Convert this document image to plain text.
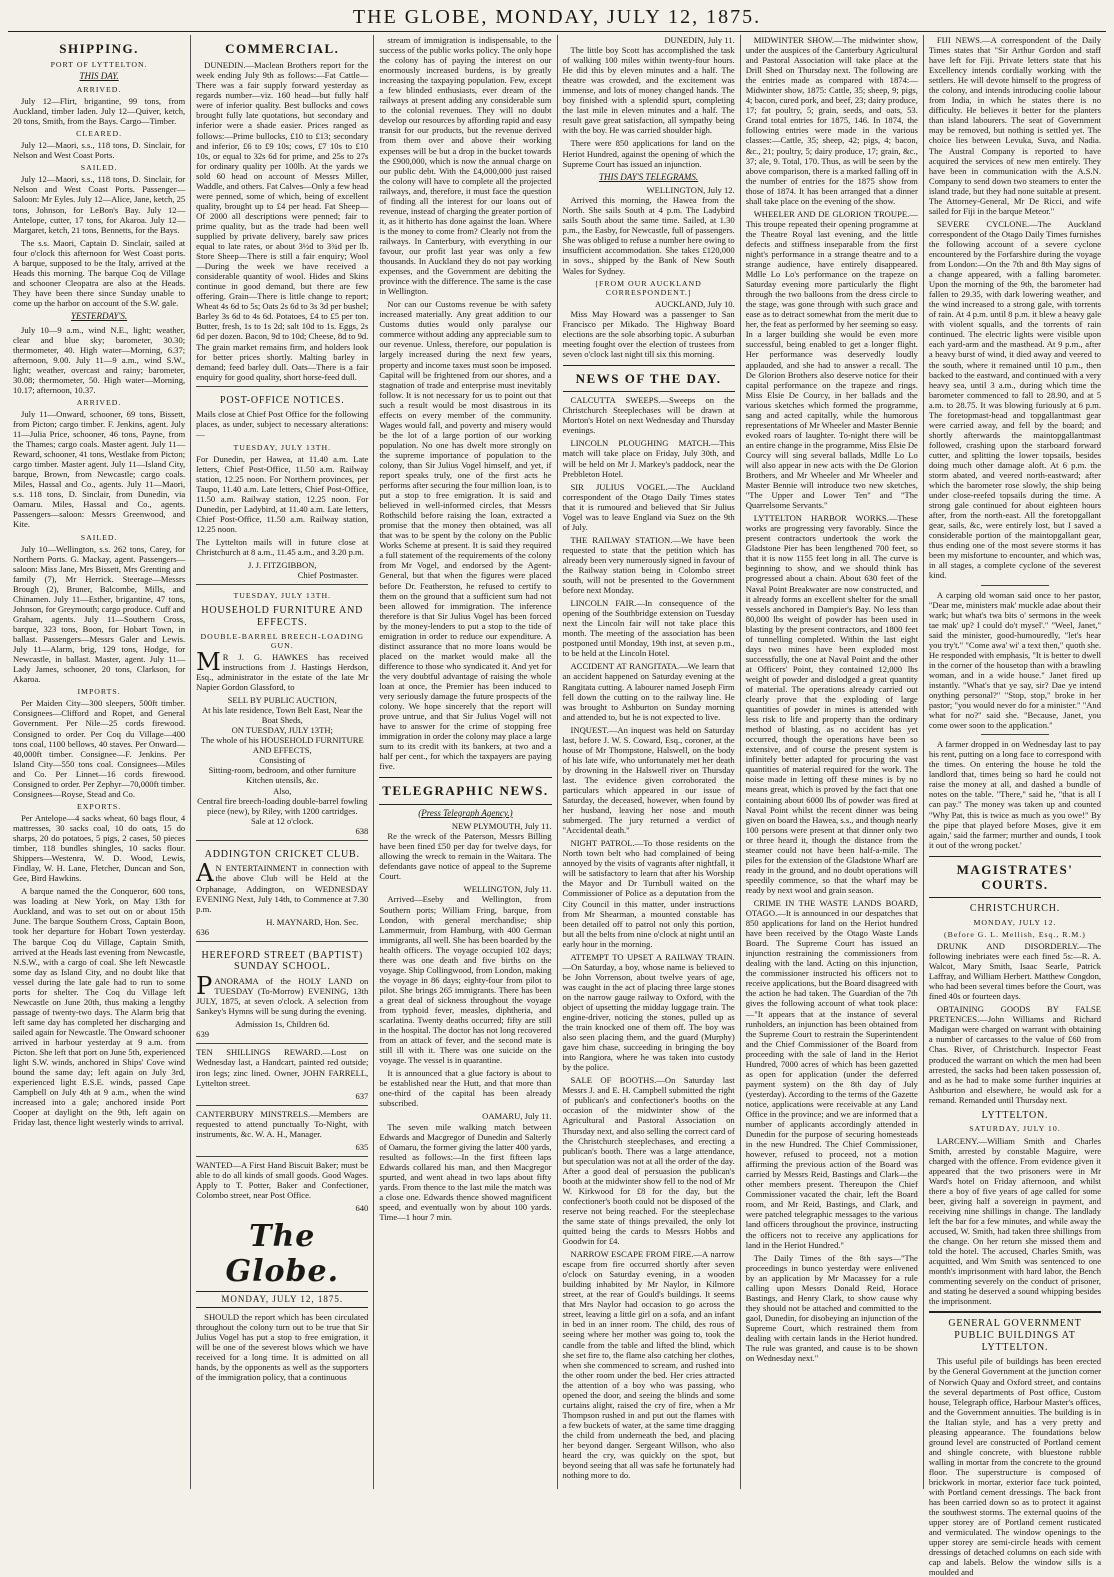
THE GLOBE, MONDAY, JULY 12, 1875.
SHIPPING.
PORT OF LYTTELTON.
THIS DAY.
ARRIVED.

July 12—Flirt, brigantine, 99 tons, from Auckland, timber laden. July 12—Quiver, ketch, 20 tons, Smith, from the Bays. Cargo—Timber.

CLEARED.

July 12—Maori, s.s., 118 tons, D. Sinclair, for Nelson and West Coast Ports.

SAILED.

July 12—Maori, s.s., 118 tons, D. Sinclair, for Nelson and West Coast Ports. Passenger—Saloon: Mr Eyles. July 12—Alice, Jane, ketch, 25 tons, Johnson, for LeBon's Bay. July 12—Antelope, cutter, 17 tons, for Akaroa. July 12—Margaret, ketch, 21 tons, Bennetts, for the Bays.

The s.s. Maori, Captain D. Sinclair, sailed at four o'clock this afternoon for West Coast ports. A barque, supposed to be the Italy, arrived at the Heads this morning. The barque Coq de Village and schooner Cleopatra are also at the Heads. They have been there since Sunday unable to come up the harbor on account of the S.W. gale.

YESTERDAY'S.

July 10—9 a.m., wind N.E., light; weather, clear and blue sky; barometer, 30.30; thermometer, 40. High water—Morning, 6.37; afternoon, 9.00. July 11—9 a.m., wind S.W., light; weather, overcast and rainy; barometer, 30.08; thermometer, 50. High water—Morning, 10.17; afternoon, 10.37.

ARRIVED.

July 11—Onward, schooner, 69 tons, Bissett, from Picton; cargo timber. F. Jenkins, agent. July 11—Julia Price, schooner, 46 tons, Payne, from the Thames; cargo coals. Master agent. July 11—Reward, schooner, 41 tons, Westlake from Picton; cargo timber. Master agent. July 11—Island City, barque, Brown, from Newcastle; cargo coals. Miles, Hassal and Co., agents. July 11—Maori, s.s. 118 tons, D. Sinclair, from Dunedin, via Oamaru. Miles, Hassal and Co., agents. Passengers—saloon: Messrs Greenwood, and Kite.

SAILED.

July 10—Wellington, s.s. 262 tons, Carey, for Northern Ports. G. Mackay, agent. Passengers—saloon: Miss Jane, Mrs Bissett, Mrs Grenting and family (7), Mr Herrick. Steerage—Messrs Brough (2), Bruner, Balcombe, Mills, and Chinamen. July 11—Esther, brigantine, 47 tons, Johnson, for Greymouth; cargo produce. Cuff and Graham, agents. July 11—Southern Cross, barque, 323 tons, Boon, for Hobart Town, in ballast. Passengers—Messrs Galer and Lewis. July 11—Alarm, brig, 129 tons, Hodge, for Newcastle, in ballast. Master, agent. July 11—Lady James, schooner, 20 tons, Clarkson, for Akaroa.

IMPORTS.

Per Maiden City—300 sleepers, 500ft timber. Consignees—Clifford and Ropet, and General Government. Per Nile—25 cords firewood. Consigned to order. Per Coq du Village—400 tons coal, 1100 bellows, 40 staves. Per Onward—40,000ft timber. Consignee—F. Jenkins. Per Island City—550 tons coal. Consignees—Miles and Co. Per Linnet—16 cords firewood. Consigned to order. Per Zephyr—70,000ft timber. Consignees—Royse, Stead and Co.

EXPORTS.

Per Antelope—4 sacks wheat, 60 bags flour, 4 mattresses, 30 sacks coal, 10 do oats, 15 do sharps, 20 do potatoes, 5 pigs, 2 cases, 50 pieces timber, 118 bundles shingles, 10 sacks flour. Shippers—Westenra, W. D. Wood, Lewis, Findlay, W. H. Lane, Fletcher, Duncan and Son, Gee, Bird Hawkins.

A barque named the the Conqueror, 600 tons, was loading at New York, on May 13th for Auckland, and was to set out on or about 15th June. The barque Southern Cross, Captain Boon, took her departure for Hobart Town yesterday. The barque Coq du Village, Captain Smith, arrived at the Heads last evening from Newcastle, N.S.W., with a cargo of coal. She left Newcastle some day as Island City, and no doubt like that vessel during the late gale had to run to some ports for shelter. The Coq du Village left Newcastle on June 20th, thus making a lengthy passage of twenty-two days. The Alarm brig that left same day has completed her discharging and sailed again for Newcastle. The Onward schooner arrived in harbour yesterday at 9 a.m. from Picton. She left that port on June 5th, experienced light S.W. winds, anchored in Ships' Cove wind bound the same day; left again on July 3rd, experienced light E.S.E. winds, passed Cape Campbell on July 4th at 9 a.m., when the wind increased into a gale; anchored inside Port Cooper at daylight on the 9th, left again on Friday last, thence light westerly winds to arrival.

COMMERCIAL.

DUNEDIN.—Maclean Brothers report for the week ending July 9th as follows:—Fat Cattle—There was a fair supply forward yesterday as regards number—viz. 160 head—but fully half were of inferior quality. Best bullocks and cows brought fully late quotations, but secondary and inferior were a shade easier. Prices ranged as follows:—Prime bullocks, £10 to £13; secondary and inferior, £6 to £9 10s; cows, £7 10s to £10 10s, or equal to 32s 6d for prime, and 25s to 27s for ordinary quality per 100lb. At the yards we sold 60 head on account of Messrs Miller, Waddle, and others. Fat Calves—Only a few head were penned, some of which, being of excellent quality, brought up to £4 per head. Fat Sheep—Of 2000 all descriptions were penned; fair to prime quality, but as the trade had been well supplied by private delivery, barely saw prices equal to late rates, or about 3½d to 3¾d per lb. Store Sheep—There is still a fair enquiry; Wool—During the week we have received a considerable quantity of wool. Hides and Skins continue in good demand, but there are few offering. Grain—There is little change to report; Wheat 4s 6d to 5s; Oats 2s 6d to 3s 3d per bushel; Barley 3s 6d to 4s 6d. Potatoes, £4 to £5 per ton. Butter, fresh, 1s to 1s 2d; salt 10d to 1s. Eggs, 2s 6d per dozen. Bacon, 9d to 10d; Cheese, 8d to 9d. The grain market remains firm, and holders look for better prices shortly. Malting barley in demand; feed barley dull. Oats—There is a fair enquiry for good quality, short horse-feed dull.

POST-OFFICE NOTICES.

Mails close at Chief Post Office for the following places, as under, subject to necessary alterations:—

TUESDAY, JULY 13TH.

For Dunedin, per Hawea, at 11.40 a.m. Late letters, Chief Post-Office, 11.50 a.m. Railway station, 12.25 noon. For Northern provinces, per Taupo, 11.40 a.m. Late letters, Chief Post-Office, 11.50 a.m. Railway station, 12.25 noon. For Dunedin, per Ladybird, at 11.40 a.m. Late letters, Chief Post-Office, 11.50 a.m. Railway station, 12.25 noon.

The Lyttelton mails will in future close at Christchurch at 8 a.m., 11.45 a.m., and 3.20 p.m.

J. J. FITZGIBBON,
Chief Postmaster.
TUESDAY, JULY 13TH.
HOUSEHOLD FURNITURE AND EFFECTS.
DOUBLE-BARREL BREECH-LOADING GUN.

M R J. G. HAWKES has received instructions from J. Hastings Herdson, Esq., administrator in the estate of the late Mr Napier Gordon Glassford, to

SELL BY PUBLIC AUCTION,
At his late residence, Town Belt East, Near the Boat Sheds,
ON TUESDAY, JULY 13TH;
The whole of his HOUSEHOLD FURNITURE AND EFFECTS,
Consisting of
Sitting-room, bedroom, and other furniture Kitchen utensils, &c.
Also,
Central fire breech-loading double-barrel fowling piece (new), by Riley, with 1200 cartridges.
Sale at 12 o'clock.
638
ADDINGTON CRICKET CLUB.

A N ENTERTAINMENT in connection with the above Club will be Held at the Orphanage, Addington, on WEDNESDAY EVENING Next, July 14th, to Commence at 7.30 p.m.

H. MAYNARD, Hon. Sec.
636
HEREFORD STREET (BAPTIST) SUNDAY SCHOOL.

PANORAMA of the HOLY LAND on TUESDAY (To-Morrow) EVENING, 13th JULY, 1875, at seven o'clock. A selection from Sankey's Hymns will be sung during the evening.

Admission 1s, Children 6d.
639

TEN SHILLINGS REWARD.—Lost on Wednesday last, a Handcart, painted red outside; iron legs; zinc lined. Owner, JOHN FARRELL, Lyttelton street.

637

CANTERBURY MINSTRELS.—Members are requested to attend punctually To-Night, with instruments, &c. W. A. H., Manager.

635

WANTED—A First Hand Biscuit Baker; must be able to do all kinds of small goods. Good Wages. Apply to T. Potter, Baker and Confectioner, Colombo street, near Post Office.

640
The Globe.
MONDAY, JULY 12, 1875.

SHOULD the report which has been circulated throughout the colony turn out to be true that Sir Julius Vogel has put a stop to free emigration, it will be one of the severest blows which we have received for a long time. It is admitted on all hands, by the opponents as well as the supporters of the immigration policy, that a continuous

stream of immigration is indispensable, to the success of the public works policy. The only hope the colony has of paying the interest on our enormously increased burdens, is by greatly increasing the taxpaying population. Few, except a few blinded enthusiasts, ever dream of the railways at present adding any considerable sum to the colonial revenues. They will no doubt develop our resources by affording rapid and easy transit for our products, but the revenue derived from them over and above their working expenses will be but a drop in the bucket towards the £900,000, which is now the annual charge on our public debt. With the £4,000,000 just raised the colony will have to complete all the projected railways, and, therefore, it must face the question of finding all the interest for our loans out of revenue, instead of charging the greater portion of it, as it hitherto has done against the loan. Where is the money to come from? Clearly not from the railways. In Canterbury, with everything in our favour, our profit last year was only a few thousands. In Auckland they do not pay working expenses, and the Government are debiting the province with the difference. The same is the case in Wellington.

Nor can our Customs revenue be with safety increased materially. Any great addition to our Customs duties would only paralyse our commerce without adding any appreciable sum to our revenue. Unless, therefore, our population is largely increased during the next few years, property and income taxes must soon be imposed. Capital will be frightened from our shores, and a stagnation of trade and enterprise must inevitably follow. It is not necessary for us to point out that such a result would be most disastrous in its effects on every member of the community. Wages would fall, and poverty and misery would be the lot of a large portion of our working population. No one has dwelt more strongly on the supreme importance of population to the colony, than Sir Julius Vogel himself, and yet, if report speaks truly, one of the first acts he performs after securing the four million loan, is to put a stop to free emigration. It is said and believed in well-informed circles, that Messrs Rothschild before raising the loan, extracted a promise that the money then obtained, was all that was to be spent by the colony on the Public Works Scheme at present. It is said they required a full statement of the requirements of the colony from Mr Vogel, and endorsed by the Agent-General, but that when the figures were placed before Dr. Featherston, he refused to certify to them on the ground that a sufficient sum had not been allowed for immigration. The inference therefore is that Sir Julius Vogel has been forced by the money-lenders to put a stop to the tide of emigration in order to reduce our expenditure. A distinct assurance that no more loans would be placed on the market would make all the difference to those who syndicated it. And yet for the very doubtful advantage of raising the whole loan at once, the Premier has been induced to very seriously damage the future prospects of the colony. We hope sincerely that the report will prove untrue, and that Sir Julius Vogel will not have to answer for the crime of stopping free immigration in order the colony may place a large sum to its credit with its bankers, at two and a half per cent., for which the taxpayers are paying five.

TELEGRAPHIC NEWS.
(Press Telegraph Agency.)
NEW PLYMOUTH, July 11.

Re the wreck of the Paterson, Messrs Billing have been fined £50 per day for twelve days, for allowing the wreck to remain in the Waitara. The defendants gave notice of appeal to the Supreme Court.

WELLINGTON, July 11.

Arrived—Eseby and Wellington, from Southern ports; William Fring, barque, from London, with general merchandise; ship Lammermuir, from Hamburg, with 400 German immigrants, all well. She has been boarded by the health officers. The voyage occupied 102 days; there was one death and five births on the voyage. Ship Collingwood, from London, making the voyage in 86 days; eighty-four from pilot to pilot. She brings 265 immigrants. There has been a great deal of sickness throughout the voyage from typhoid fever, measles, diphtheria, and scarlatina. Twenty deaths occurred; fifty are still in the hospital. The doctor has not long recovered from an attack of fever, and the second mate is still ill with it. There was one suicide on the voyage. The vessel is in quarantine.

It is announced that a glue factory is about to be established near the Hutt, and that more than one-third of the capital has been already subscribed.

OAMARU, July 11.

The seven mile walking match between Edwards and Macgregor of Dunedin and Salterly of Oamaru, the former giving the latter 400 yards, resulted as follows:—In the first fifteen laps Edwards collared his man, and then Macgregor spurted, and went ahead in two laps about fifty yards. From thence to the last mile the match was a close one. Edwards thence showed magnificent speed, and eventually won by about 100 yards. Time—1 hour 7 min.

DUNEDIN, July 11.

The little boy Scott has accomplished the task of walking 100 miles within twenty-four hours. He did this by eleven minutes and a half. The theatre was crowded, and the excitement was immense, and lots of money changed hands. The boy finished with a splendid spurt, completing the last mile in eleven minutes and a half. The result gave great satisfaction, all sympathy being with the boy. He was carried shoulder high.

There were 850 applications for land on the Heriot Hundred, against the opening of which the Supreme Court has issued an injunction.

THIS DAY'S TELEGRAMS.
WELLINGTON, July 12.

Arrived this morning, the Hawea from the North. She sails South at 4 p.m. The Ladybird sails South about the same time. Sailed, at 1.30 p.m., the Easby, for Newcastle, full of passengers. She was obliged to refuse a number here owing to insufficient accommodation. She takes £120,000 in sovs., shipped by the Bank of New South Wales for Sydney.

[FROM OUR AUCKLAND CORRESPONDENT.]
AUCKLAND, July 10.

Miss May Howard was a passenger to San Francisco per Mikado. The Highway Board elections are the sole absorbing topic. A suburban meeting fought over the election of trustees from seven o'clock last night till six this morning.

NEWS OF THE DAY.

CALCUTTA SWEEPS.—Sweeps on the Christchurch Steeplechases will be drawn at Morton's Hotel on next Wednesday and Thursday evenings.

LINCOLN PLOUGHING MATCH.—This match will take place on Friday, July 30th, and will be held on Mr J. Markey's paddock, near the Prebbleton Hotel.

SIR JULIUS VOGEL.—The Auckland correspondent of the Otago Daily Times states that it is rumoured and believed that Sir Julius Vogel was to leave England via Suez on the 9th of July.

THE RAILWAY STATION.—We have been requested to state that the petition which has already been very numerously signed in favour of the Railway station being in Colombo street south, will not be presented to the Government before next Monday.

LINCOLN FAIR.—In consequence of the opening of the Southbridge extension on Tuesday next the Lincoln fair will not take place this month. The meeting of the association has been postponed until Monday, 19th inst, at seven p.m., to be held at the Lincoln Hotel.

ACCIDENT AT RANGITATA.—We learn that an accident happened on Saturday evening at the Rangitata cutting. A labourer named Joseph Firm fell down the cutting on to the railway line. He was brought to Ashburton on Sunday morning and attended to, but he is not expected to live.

INQUEST.—An inquest was held on Saturday last, before J. W. S. Coward, Esq., coroner, at the house of Mr Thompstone, Halswell, on the body of his late wife, who unfortunately met her death by drowning in the Halswell river on Thursday last. The evidence given corroborated the particulars which appeared in our issue of Saturday, the deceased, however, when found by her husband, leaving her nose and mouth submerged. The jury returned a verdict of "Accidental death."

NIGHT PATROL.—To those residents on the North town belt who had complained of being annoyed by the visits of vagrants after nightfall, it will be satisfactory to learn that after his Worship the Mayor and Dr Turnbull waited on the Commissioner of Police as a deputation from the City Council in this matter, under instructions from Mr Shearman, a mounted constable has been detailed off to patrol not only this portion, but all the belts from nine o'clock at night until an early hour in the morning.

ATTEMPT TO UPSET A RAILWAY TRAIN.—On Saturday, a boy, whose name is believed to be John Vorrenson, about twelve years of age, was caught in the act of placing three large stones on the narrow gauge railway to Oxford, with the object of upsetting the midday luggage train. The engine-driver, noticing the stones, pulled up as the train knocked one of them off. The boy was also seen placing them, and the guard (Murphy) gave him chase, succeeding in bringing the boy into Rangiora, where he was taken into custody by the police.

SALE OF BOOTHS.—On Saturday last Messrs J. and E. H. Campbell submitted the right of publican's and confectioner's booths on the occasion of the midwinter show of the Agricultural and Pastoral Association on Thursday next, and also selling the correct card of the Christchurch steeplechases, and erecting a publican's booth. There was a large attendance, but speculation was not at all the order of the day. After a good deal of persuasion the publican's booth at the midwinter show fell to the nod of Mr W. Kirkwood for £8 for the day, but the confectioner's booth could not be disposed of the reserve not being reached. For the steeplechase the same state of things prevailed, the only lot quitted being the cards to Messrs Hobbs and Goodwin for £4.

NARROW ESCAPE FROM FIRE.—A narrow escape from fire occurred shortly after seven o'clock on Saturday evening, in a wooden building inhabited by Mr Naylor, in Kilmore street, at the rear of Gould's buildings. It seems that Mrs Naylor had occasion to go across the street, leaving a little girl on a sofa, and an infant in bed in an inner room. The child, des rous of seeing where her mother was going to, took the candle from the table and lifted the blind, which she set fire to, the flame also catching her clothes, when she commenced to scream, and rushed into the other room under the bed. Her cries attracted the attention of a boy who was passing, who opened the door, and seeing the blinds and some curtains alight, raised the cry of fire, when a Mr Thompson rushed in and put out the flames with a few buckets of water, at the same time dragging the child from underneath the bed, and placing her beyond danger. Sergeant Willson, who also heard the cry, was quickly on the spot, but beyond seeing that all was safe he fortunately had nothing more to do.

MIDWINTER SHOW.—The midwinter show, under the auspices of the Canterbury Agricultural and Pastoral Association will take place at the Drill Shed on Thursday next. The following are the entries made as compared with 1874:—Midwinter show, 1875: Cattle, 35; sheep, 9; pigs, 4; bacon, cured pork, and beef, 23; dairy produce, 17; fat poultry, 5; grain, seeds, and oats, 53. Grand total entries for 1875, 146. In 1874, the following entries were made in the various classes:—Cattle, 35; sheep, 42; pigs, 4; bacon, &c., 21; poultry, 5; dairy produce, 17; grain, &c., 37; ale, 9. Total, 170. Thus, as will be seen by the above comparison, there is a marked falling off in the number of entries for the 1875 show from those of 1874. It has been arranged that a dinner shall take place on the evening of the show.

WHEELER AND DE GLORION TROUPE.—This troupe repeated their opening programme at the Theatre Royal last evening, and the little defects and stiffness inseparable from the first night's performance in a strange theatre and to a strange audience, have entirely disappeared. Mdlle Lo Lo's performance on the trapeze on Saturday evening more particularly the flight through the two balloons from the dress circle to the stage, was gone through with such grace and ease as to detract somewhat from the merit due to her, the feat as performed by her seeming so easy. In a larger building she would be even more successful, being enabled to get a longer flight. Her performance was deservedly loudly applauded, and she had to answer a recall. The De Glorion Brothers also deserve notice for their capital performance on the trapeze and rings. Miss Elsie De Courcy, in her ballads and the various sketches which formed the programme, sang and acted capitally, while the humorous representations of Mr Wheeler and Master Bennie evoked roars of laughter. To-night there will be an entire change in the programme, Miss Elsie De Courcy will sing several ballads, Mdlle Lo Lo will also appear in new acts with the De Glorion Brothers, and Mr Wheeler and Mr Wheeler and Master Bennie will introduce two new sketches, "The Upper and Lower Ten" and "The Quarrelsome Servants."

LYTTELTON HARBOR WORKS.—These works are progressing very favorably. Since the present contractors undertook the work the Gladstone Pier has been lengthened 700 feet, so that it is now 1155 feet long in all. The curve is beginning to show, and we should think has progressed about a chain. About 630 feet of the Naval Point Breakwater are now constructed, and it already forms an excellent shelter for the small vessels anchored in Dampier's Bay. No less than 80,000 lbs weight of powder has been used in blasting by the present contractors, and 1800 feet of tunnelling completed. Within the last eight days two mines have been exploded most successfully, the one at Naval Point and the other at Officers' Point, they contained 12,000 lbs weight of powder and dislodged a great quantity of material. The operations already carried out clearly prove that the exploding of large quantities of powder in mines is attended with less risk to life and property than the ordinary method of blasting, as no accident has yet occurred, though the operations have been so extensive, and of course the present system is infinitely better adapted for procuring the vast quantities of material required for the work. The noise made in letting off these mines is by no means great, which is proved by the fact that one containing about 6000 lbs of powder was fired at Naval Point whilst the recent dinner was being given on board the Hawea, s.s., and though nearly 100 persons were present at that dinner only two or three heard it, though the distance from the steamer could not have been half-a-mile. The piles for the extension of the Gladstone Wharf are ready in the ground, and no doubt operations will speedily commence, so that the wharf may be ready by next wool and grain season.

CRIME IN THE WASTE LANDS BOARD, OTAGO.—It is announced in our despatches that 850 applications for land on the Heriot hundred have been received by the Otago Waste Lands Board. The Supreme Court has issued an injunction restraining the commissioners from dealing with the land. Acting on this injunction, the commissioner instructed his officers not to receive applications, but the Board disagreed with the action he had taken. The Guardian of the 7th gives the following account of what took place:—"It appears that at the instance of several runholders, an injunction has been obtained from the Supreme Court to restrain the Superintendent and the Chief Commissioner of the Board from proceeding with the sale of land in the Heriot Hundred, 7000 acres of which has been gazetted as open for application (under the deferred payment system) on the 8th day of July (yesterday). According to the terms of the Gazette notice, applications were receivable at any Land Office in the province; and we are informed that a number of applicants accordingly attended in Dunedin for the purpose of securing homesteads in the new Hundred. The Chief Commissioner, however, refused to proceed, not a motion affirming the previous action of the Board was carried by Messrs Reid, Bastings and Clark—the other members present. Thereupon the Chief Commissioner vacated the chair, left the Board room, and Mr Reid, Bastings, and Clark, and were patched telegraphic messages to the various land officers throughout the province, instructing the officers not to receive any applications for land in the Heriot Hundred."

The Daily Times of the 8th says—"The proceedings in bunco yesterday were enlivened by an application by Mr Macassey for a rule calling upon Messrs Donald Reid, Horace Bastings, and Henry Clark, to show cause why they should not be attached and committed to the gaol, Dunedin, for disobeying an injunction of the Supreme Court, which restrained them from dealing with certain lands in the Heriot hundred. The rule was granted, and cause is to be shown on Wednesday next."

FIJI NEWS.—A correspondent of the Daily Times states that "Sir Arthur Gordon and staff have left for Fiji. Private letters state that his Excellency intends cordially working with the settlers. He will devote himself to the progress of the colony, and intends introducing coolie labour from India, in which he states there is no difficulty. He believes it better for the planters than island labourers. The seat of Government may be removed, but nothing is settled yet. The choice lies between Levuka, Suva, and Nadia. The Austral Company is reported to have acquired the services of new men entirely. They have been in communication with the A.S.N. Company to send down two steamers to enter the island trade, but they had none suitable at present. The Attorney-General, Mr De Ricci, and wife sailed for Fiji in the barque Meteor."

SEVERE CYCLONE.—The Auckland correspondent of the Otago Daily Times furnishes the following account of a severe cyclone encountered by the Forfarshire during the voyage from London:—On the 7th and 8th May signs of a change appeared, with a falling barometer. Upon the morning of the 9th, the barometer had fallen to 29.35, with dark lowering weather, and the wind increased to a strong gale, with torrents of rain. At 4 p.m. until 8 p.m. it blew a heavy gale with violent squalls, and the torrents of rain continued. The electric lights were visible upon each yard-arm and the masthead. At 9 p.m., after a heavy burst of wind, it died away and veered to the south, where it remained until 10 p.m., then backed to the eastward, and continued with a very heavy sea, until 3 a.m., during which time the barometer commenced to fall to 28.90, and at 5 a.m. to 28.75. It was blowing furiously at 6 p.m. The foretopmast-head and topgallantmast gear were carried away, and fell by the board; and shortly afterwards the maintopgallantmast followed, crashing upon the starboard forward cutter, and splitting the lower topsails, besides doing much other damage aloft. At 6 p.m. the storm abated, and veered north-eastward; after which the barometer rose slowly, the ship being under close-reefed topsails during the time. A strong gale continued for about eighteen hours after, from the north-east. All the foretopgallant gear, sails, &c, were entirely lost, but I saved a considerable portion of the maintopgallant gear, thus ending one of the most severe storms it has been my misfortune to encounter, and which was, in all stages, a complete cyclone of the severest kind.

A carping old woman said once to her pastor, "Dear me, ministers mak' muckle adae about their wark; but what's twa bits o' sermons in the week tae mak' up? I could do't mysel'." "Weel, Janet," said the minister, good-humouredly, "let's hear you try't." "Come awa' wi' a text then," quoth she. He responded with emphasis, "It is better to dwell in the corner of the housetop than with a brawling woman, and in a wide house." Janet fired up instantly. "What's that ye say, sir? Dae ye intend onything personal?" "Stop, stop," broke in her pastor; "you would never do for a minister." "And what for no?" said she. "Because, Janet, you come ower soon to the application."

A farmer dropped in on Wednesday last to pay his rent, putting on a long face to correspond with the times. On entering the house he told the landlord that, times being so hard he could not raise the money at all, and dashed a bundle of notes on the table. "There," said he, "that is all I can pay." The money was taken up and counted "Why Pat, this is twice as much as you owe!" By the pipe that played before Moses, give it em again,' said the farmer; murther and ounds, I took it out of the wrong pocket.'

MAGISTRATES' COURTS.
CHRISTCHURCH.
MONDAY, JULY 12.
(Before G. L. Mellish, Esq., R.M.)

DRUNK AND DISORDERLY.—The following inebriates were each fined 5s:—R. A. Walcot, Mary Smith, Isaac Searle, Patrick Laffray, and William Herbert. Matthew Congdon, who had been several times before the Court, was fined 40s or fourteen days.

OBTAINING GOODS BY FALSE PRETENCES.—John Williams and Richard Madigan were charged on warrant with obtaining a number of carcasses to the value of £60 from Chas. River, of Christchurch. Inspector Feast produced the warrant on which the men had been arrested, the sacks had been taken possession of, and as he had to make some further inquiries at Ashburton and elsewhere, he would ask for a remand. Remanded until Thursday next.

LYTTELTON.
SATURDAY, JULY 10.

LARCENY.—William Smith and Charles Smith, arrested by constable Maguire, were charged with the offence. From evidence given it appeared that the two prisoners were in Mr Ward's hotel on Friday afternoon, and whilst there a boy of five years of age called for some beer, giving half a sovereign in payment, and receiving nine shillings in change. The landlady left the bar for a few minutes, and while away the accused, W. Smith, had taken three shillings from the change. On her return she missed them and told the hotel. The accused, Charles Smith, was acquitted, and Wm Smith was sentenced to one month's imprisonment with hard labor, the Bench commenting severely on the conduct of prisoner, and stating he deserved a sound whipping besides the imprisonment.

GENERAL GOVERNMENT PUBLIC BUILDINGS AT LYTTELTON.

This useful pile of buildings has been erected by the General Government at the junction corner of Norwich Quay and Oxford street, and contains the several departments of Post office, Custom house, Telegraph office, Harbour Master's offices, and the Government annuities. The building is in the Italian style, and has a very pretty and pleasing appearance. The foundations below ground level are constructed of Portland cement and shingle concrete, with bluestone rubble walling in mortar from the concrete to the ground floor. The superstructure is composed of brickwork in mortar, exterior face tuck pointed, with Portland cement dressings. The back front has been carried down so as to protect it against the southwest storms. The external quoins of the upper storey are of Portland cement rusticated and vermiculated. The window openings to the upper storey are semi-circle heads with cement dressings of detached columns on each side with cap and labels. Below the window sills is a moulded and
